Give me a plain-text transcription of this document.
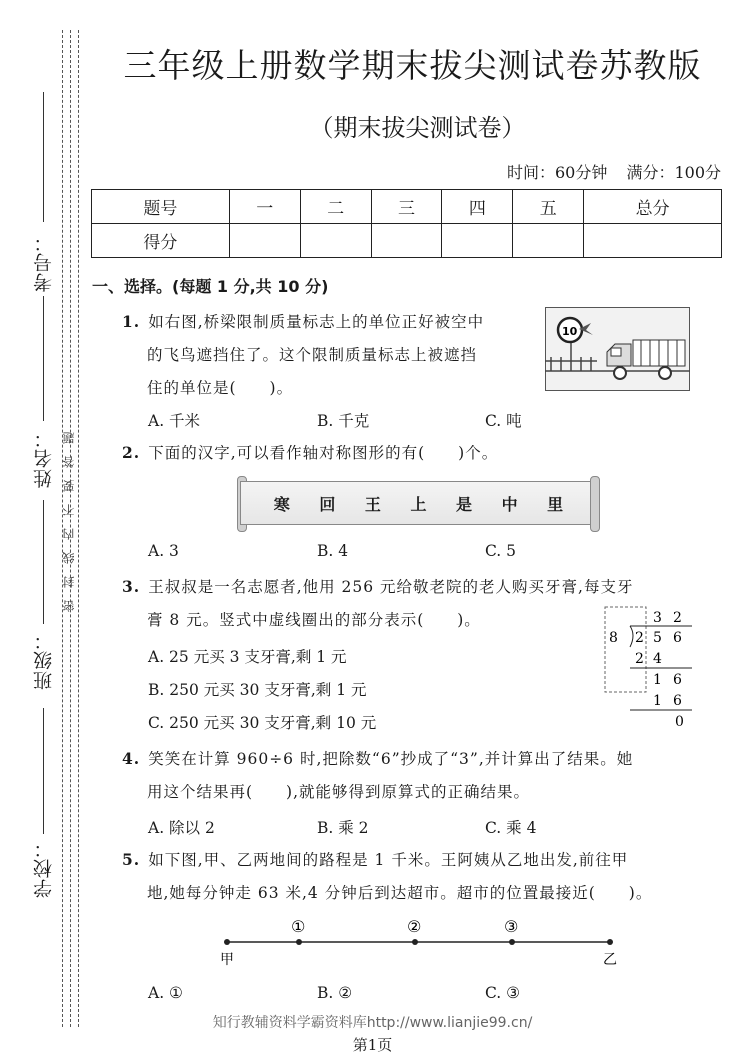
考号：
姓名：
班级：
学校：
密封线内不要答题
三年级上册数学期末拔尖测试卷苏教版
（期末拔尖测试卷）
时间：60分钟 满分：100分
题号	一	二	三	四	五	总分
得分						
一、选择。(每题 1 分,共 10 分)
1. 如右图,桥梁限制质量标志上的单位正好被空中
的飞鸟遮挡住了。这个限制质量标志上被遮挡
住的单位是(　　)。
10
A. 千米	B. 千克	C. 吨
2. 下面的汉字,可以看作轴对称图形的有(　　)个。
寒 回 王 上 是 中 里
A. 3	B. 4	C. 5
3. 王叔叔是一名志愿者,他用 256 元给敬老院的老人购买牙膏,每支牙
膏 8 元。竖式中虚线圈出的部分表示(　　)。
A. 25 元买 3 支牙膏,剩 1 元
B. 250 元买 30 支牙膏,剩 1 元
C. 250 元买 30 支牙膏,剩 10 元
3 2
8 2 5 6
2 4
1 6
1 6
0
4. 笑笑在计算 960÷6 时,把除数“6”抄成了“3”,并计算出了结果。她
用这个结果再(　　),就能够得到原算式的正确结果。
A. 除以 2	B. 乘 2	C. 乘 4
5. 如下图,甲、乙两地间的路程是 1 千米。王阿姨从乙地出发,前往甲
地,她每分钟走 63 米,4 分钟后到达超市。超市的位置最接近(　　)。
①	②	③
甲	乙
A. ①	B. ②	C. ③
知行教辅资料学霸资料库http://www.lianjie99.cn/
第1页
